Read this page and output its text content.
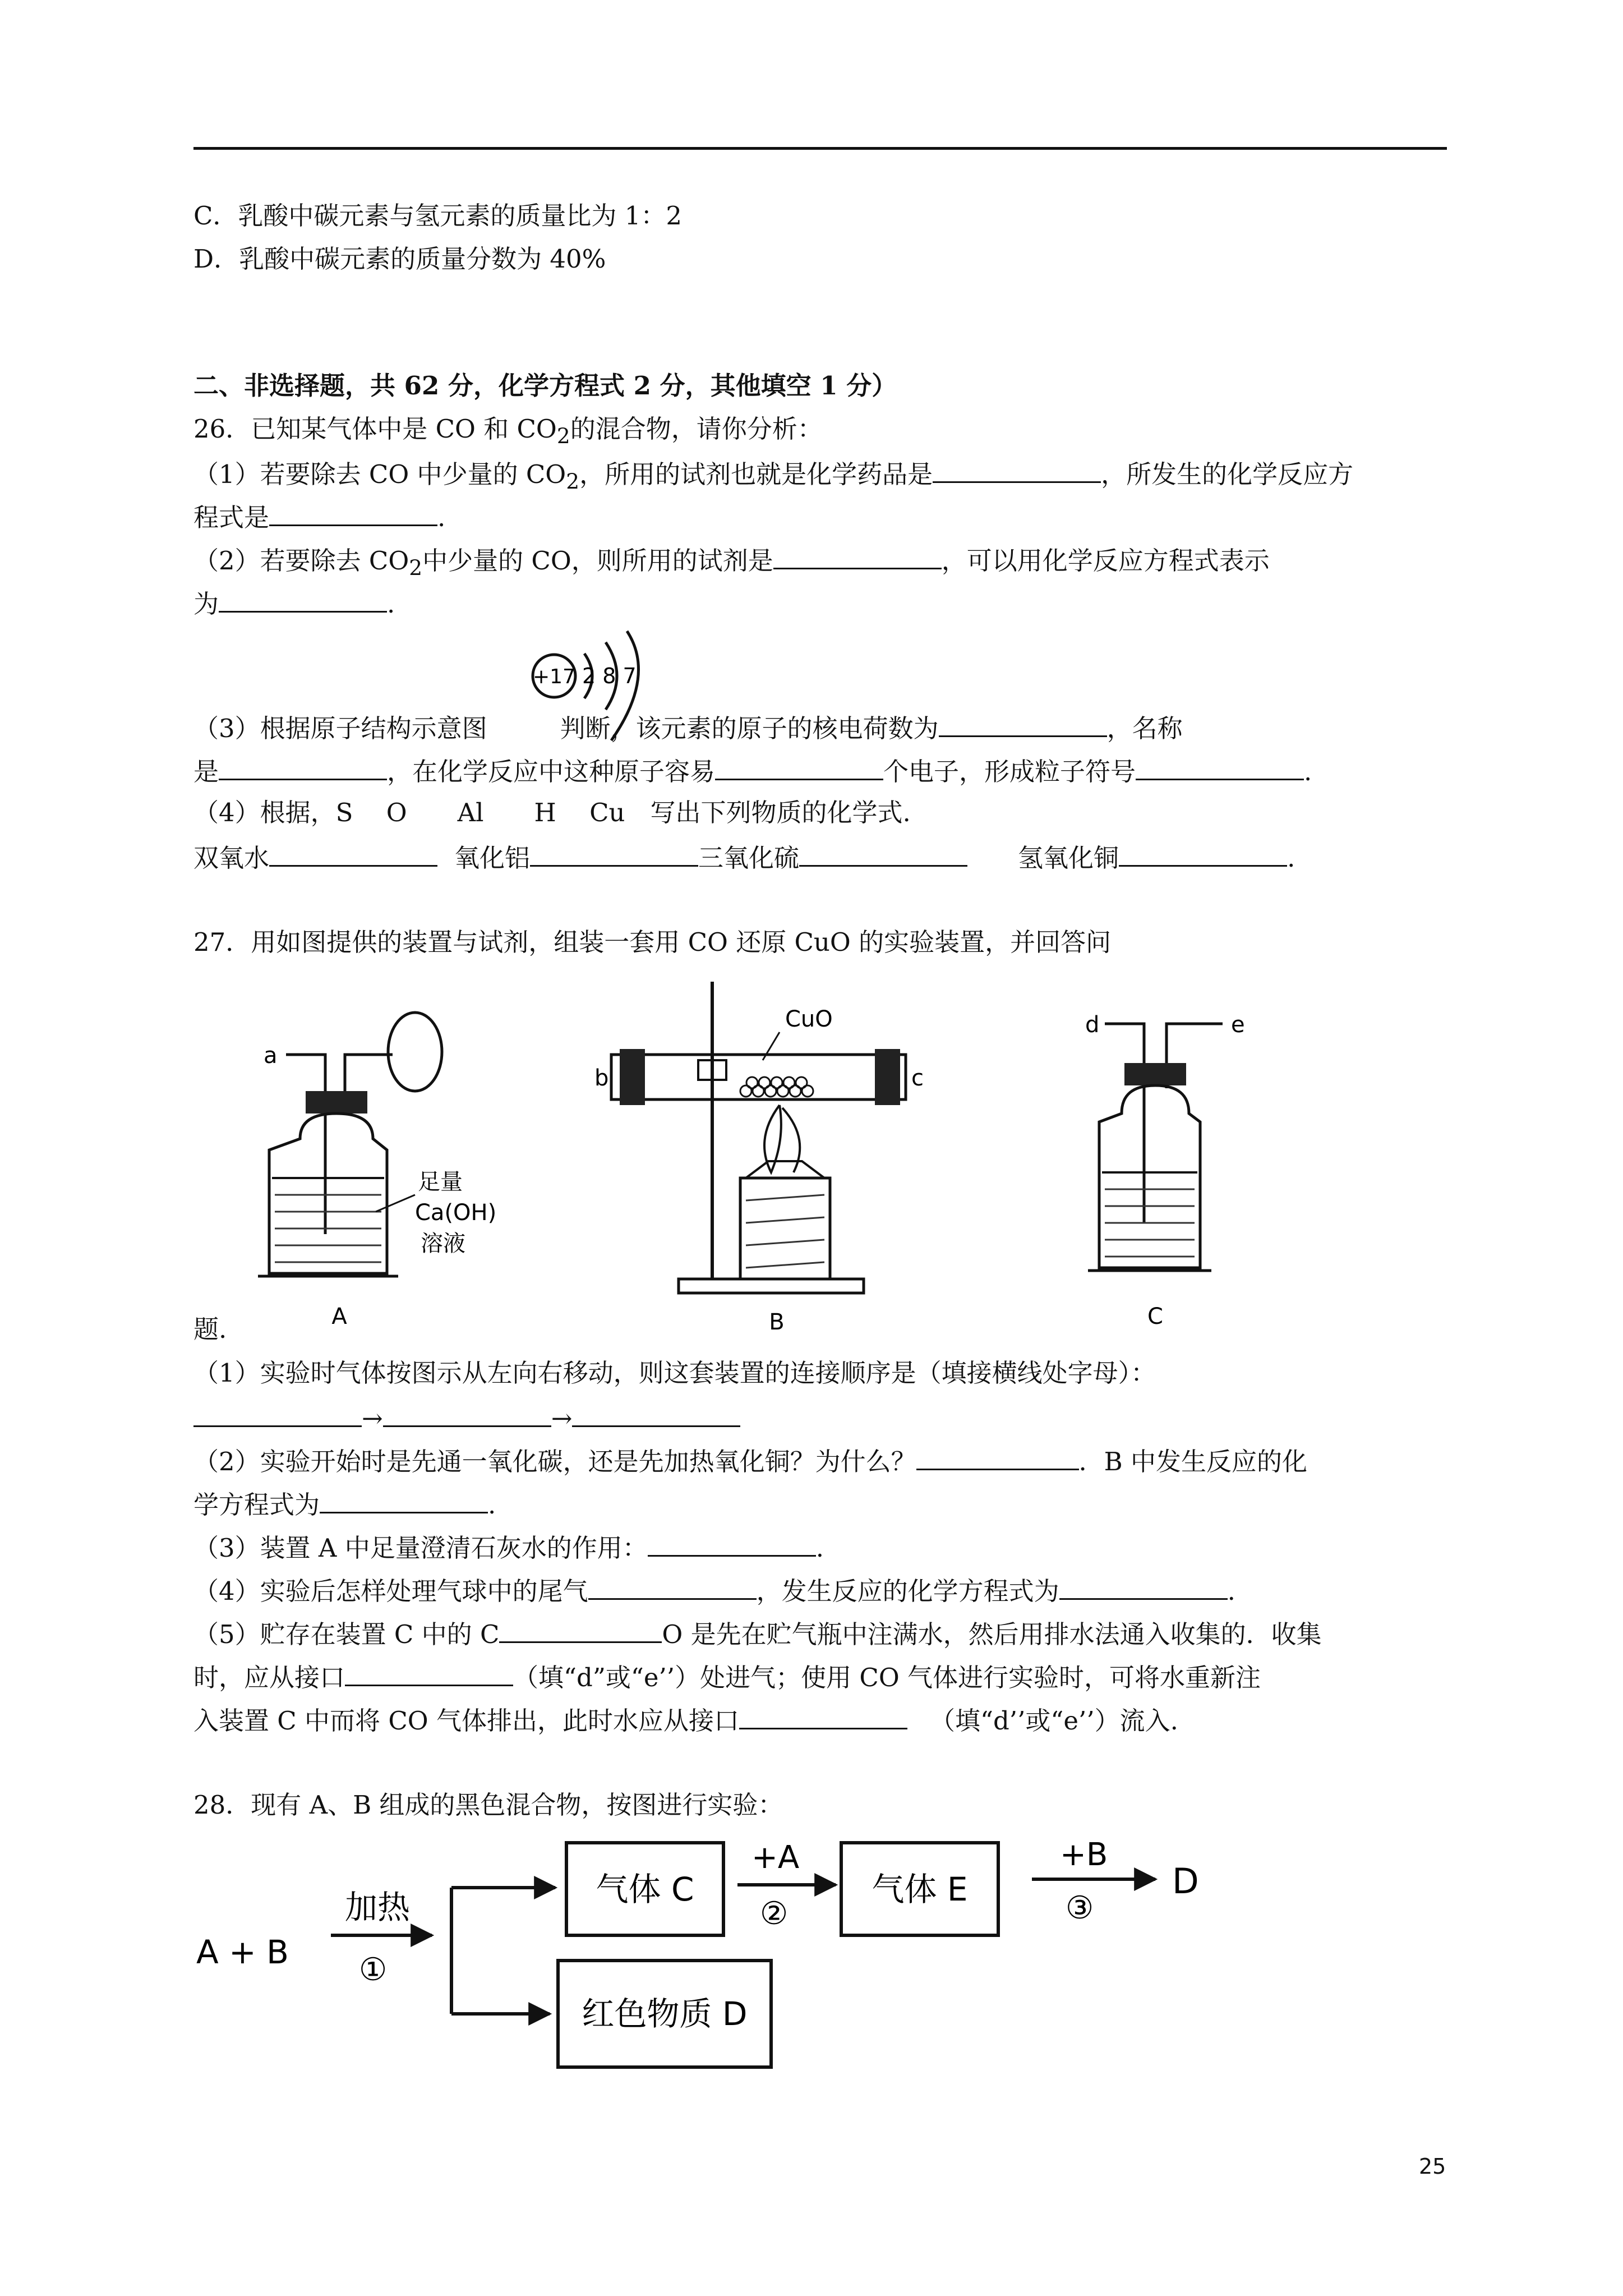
C．乳酸中碳元素与氢元素的质量比为 1：2
D．乳酸中碳元素的质量分数为 40%
二、非选择题，共 62 分，化学方程式 2 分，其他填空 1 分）
26．已知某气体中是 CO 和 $CO_2$的混合物，请你分析：
（1）若要除去 CO 中少量的 $CO_2$，所用的试剂也就是化学药品是	，所发生的化学反应方
程式是	.
（2）若要除去 $CO_2$中少量的 CO，则所用的试剂是	，可以用化学反应方程式表示
为	.
+17 2 8 7
（3）根据原子结构示意图	判断，该元素的原子的核电荷数为	，名称
是	，在化学反应中这种原子容易	个电子，形成粒子符号	.
（4）根据，S　 O　　Al　　H　 Cu　写出下列物质的化学式.
双氧水	氧化铝	三氧化硫	氢氧化铜	.
27．用如图提供的装置与试剂，组装一套用 CO 还原 CuO 的实验装置，并回答问
a
足量
Ca(OH)
溶液
A
CuO
b	c
B
d	e
C
题.
（1）实验时气体按图示从左向右移动，则这套装置的连接顺序是（填接横线处字母）：
→	→
（2）实验开始时是先通一氧化碳，还是先加热氧化铜？为什么？	．B 中发生反应的化
学方程式为	.
（3）装置 A 中足量澄清石灰水的作用：	.
（4）实验后怎样处理气球中的尾气	，发生反应的化学方程式为	.
（5）贮存在装置 C 中的 C	O 是先在贮气瓶中注满水，然后用排水法通入收集的．收集
时，应从接口	（填“d”或“e’’）处进气；使用 CO 气体进行实验时，可将水重新注
入装置 C 中而将 CO 气体排出，此时水应从接口	（填“d’’或“e’’）流入.
28．现有 A、B 组成的黑色混合物，按图进行实验：
A + B
加热
①
气体 C
+A
②
气体 E
+B
③
D
红色物质 D
25
